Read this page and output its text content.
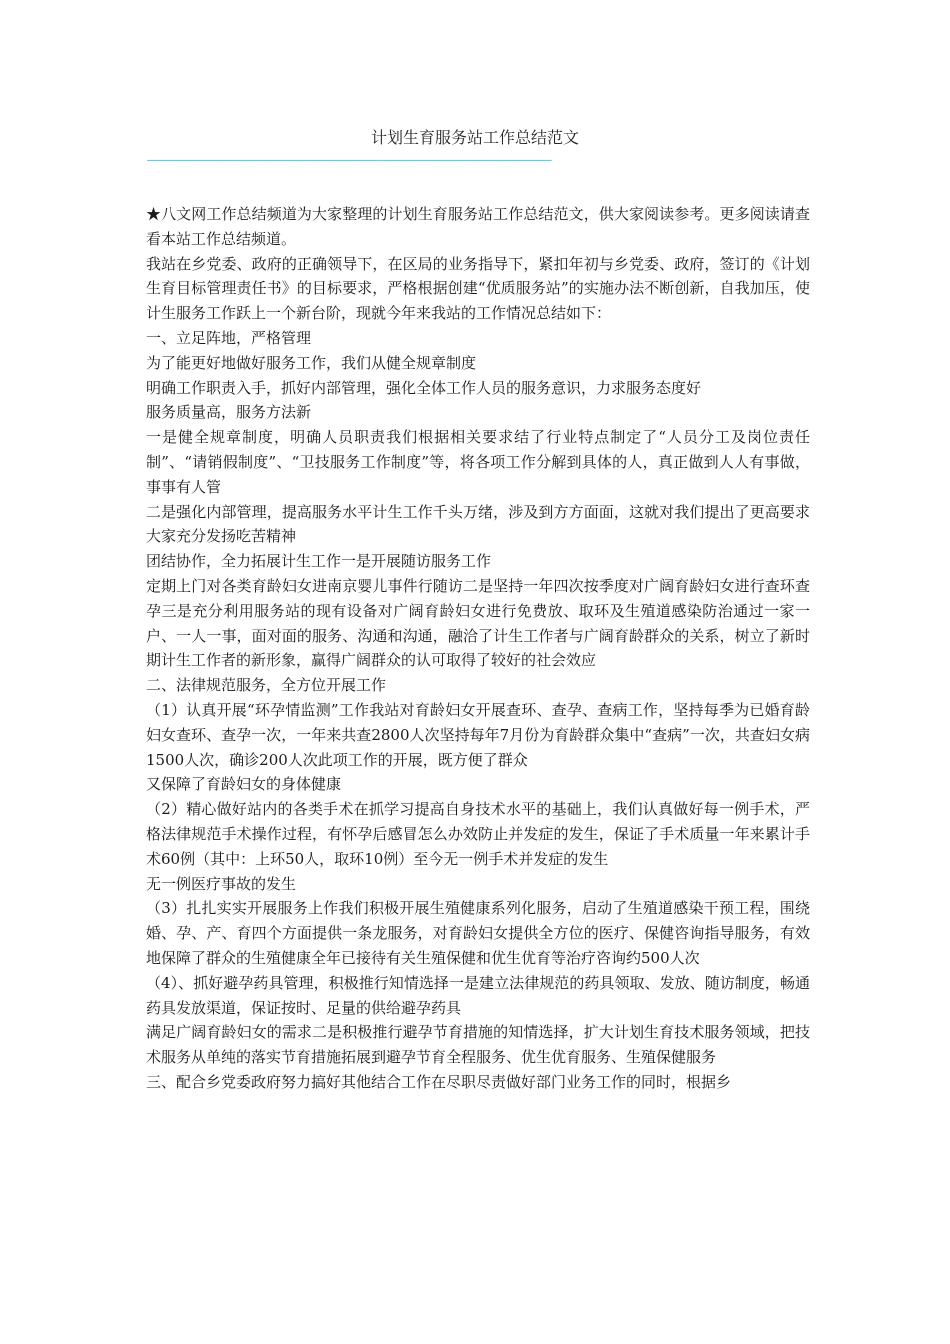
计划生育服务站工作总结范文
——————————————————————————————————————————

★八文网工作总结频道为大家整理的计划生育服务站工作总结范文，供大家阅读参考。更多阅读请查看本站工作总结频道。

我站在乡党委、政府的正确领导下，在区局的业务指导下，紧扣年初与乡党委、政府，签订的《计划生育目标管理责任书》的目标要求，严格根据创建“优质服务站”的实施办法不断创新，自我加压，使计生服务工作跃上一个新台阶，现就今年来我站的工作情况总结如下：

一、立足阵地，严格管理

为了能更好地做好服务工作，我们从健全规章制度

明确工作职责入手，抓好内部管理，强化全体工作人员的服务意识，力求服务态度好

服务质量高，服务方法新

一是健全规章制度，明确人员职责我们根据相关要求结了行业特点制定了“人员分工及岗位责任制”、“请销假制度”、“卫技服务工作制度”等，将各项工作分解到具体的人，真正做到人人有事做，事事有人管

二是强化内部管理，提高服务水平计生工作千头万绪，涉及到方方面面，这就对我们提出了更高要求大家充分发扬吃苦精神

团结协作，全力拓展计生工作一是开展随访服务工作

定期上门对各类育龄妇女进南京婴儿事件行随访二是坚持一年四次按季度对广阔育龄妇女进行查环查孕三是充分利用服务站的现有设备对广阔育龄妇女进行免费放、取环及生殖道感染防治通过一家一户、一人一事，面对面的服务、沟通和沟通，融洽了计生工作者与广阔育龄群众的关系，树立了新时期计生工作者的新形象，赢得广阔群众的认可取得了较好的社会效应

二、法律规范服务，全方位开展工作

（1）认真开展“环孕情监测”工作我站对育龄妇女开展查环、查孕、查病工作，坚持每季为已婚育龄妇女查环、查孕一次，一年来共查2800人次坚持每年7月份为育龄群众集中“查病”一次，共查妇女病1500人次，确诊200人次此项工作的开展，既方便了群众

又保障了育龄妇女的身体健康

（2）精心做好站内的各类手术在抓学习提高自身技术水平的基础上，我们认真做好每一例手术，严格法律规范手术操作过程，有怀孕后感冒怎么办效防止并发症的发生，保证了手术质量一年来累计手术60例（其中：上环50人，取环10例）至今无一例手术并发症的发生

无一例医疗事故的发生

（3）扎扎实实开展服务上作我们积极开展生殖健康系列化服务，启动了生殖道感染干预工程，围绕婚、孕、产、育四个方面提供一条龙服务，对育龄妇女提供全方位的医疗、保健咨询指导服务，有效地保障了群众的生殖健康全年已接待有关生殖保健和优生优育等治疗咨询约500人次

（4）、抓好避孕药具管理，积极推行知情选择一是建立法律规范的药具领取、发放、随访制度，畅通药具发放渠道，保证按时、足量的供给避孕药具

满足广阔育龄妇女的需求二是积极推行避孕节育措施的知情选择，扩大计划生育技术服务领域，把技术服务从单纯的落实节育措施拓展到避孕节育全程服务、优生优育服务、生殖保健服务

三、配合乡党委政府努力搞好其他结合工作在尽职尽责做好部门业务工作的同时，根据乡
